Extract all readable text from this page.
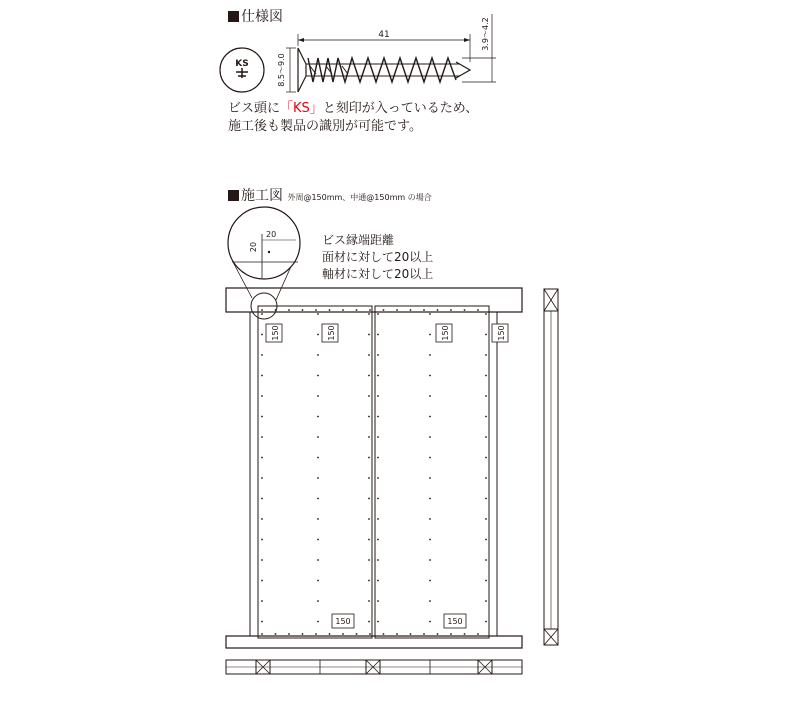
仕様図
KS
41
8.5～9.0
3.9～4.2
150	150	150	150
150	150
20
20
ビス頭に「KS」と刻印が入っているため、
施工後も製品の識別が可能です。
施工図 外周@150mm、中通@150mm の場合
ビス縁端距離
面材に対して20以上
軸材に対して20以上
